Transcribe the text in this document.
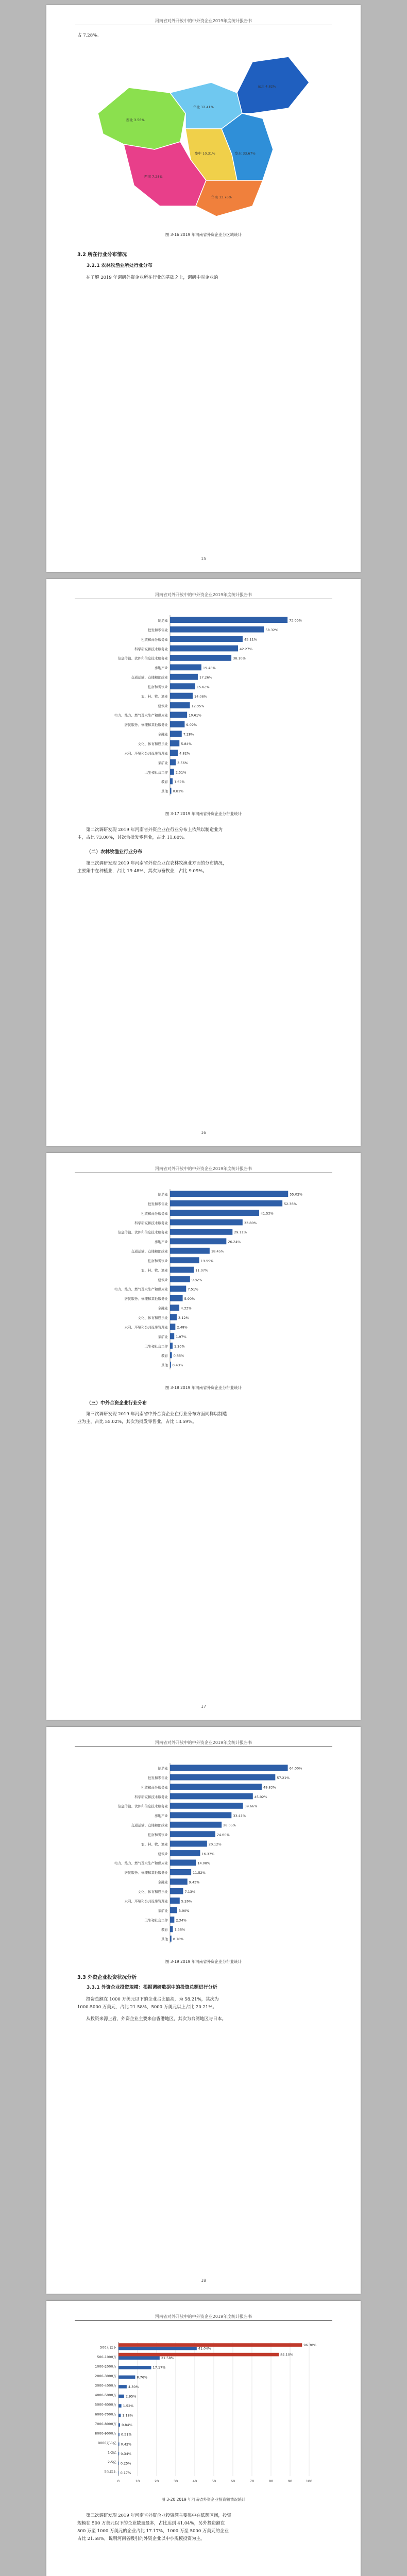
河南省对外开放中的中外资企业2019年度统计报告书

占 7.28%。

西北 3.56%
华北 12.41%
东北 4.82%
华东 33.67%
华中 10.31%
西南 7.28%
华南 13.76%
图 3-16 2019 年河南省外资企业分区域统计
3.2 所在行业分布情况
3.2.1 农林牧渔业所处行业分布

在了解 2019 年调研外资企业所在行业的基础之上，调研中对企业的

15
河南省对外开放中的中外资企业2019年度统计报告书
制造业	73.00%
批发和零售业	58.32%
租赁和商务服务业	45.11%
科学研究和技术服务业	42.27%
信息传输、软件和信息技术服务业	38.10%
房地产业	19.48%
交通运输、仓储和邮政业	17.26%
住宿和餐饮业	15.62%
农、林、牧、渔业	14.08%
建筑业	12.35%
电力、热力、燃气及水生产和供应业	10.61%
居民服务、修理和其他服务业	9.09%
金融业	7.28%
文化、体育和娱乐业	5.84%
水利、环境和公共设施管理业	4.82%
采矿业	3.56%
卫生和社会工作 2.51%
教育 1.62%
其他 0.81%
图 3-17 2019 年河南省外资企业分行业统计

第二次调研发现 2019 年河南省外资企业在行业分布上依然以制造业为

主，占比 73.00%，其次为批发零售业，占比 11.00%。

（二）农林牧渔业行业分布

第三次调研发现 2019 年河南省外资企业在农林牧渔业方面的分布情况，

主要集中在种植业，占比 19.48%，其次为畜牧业，占比 9.09%。

16
河南省对外开放中的中外资企业2019年度统计报告书
制造业	55.02%
批发和零售业	52.36%
租赁和商务服务业	41.53%
科学研究和技术服务业	33.80%
信息传输、软件和信息技术服务业	29.11%
房地产业	26.24%
交通运输、仓储和邮政业	18.45%
住宿和餐饮业	13.59%
农、林、牧、渔业	11.07%
建筑业	9.32%
电力、热力、燃气及水生产和供应业	7.51%
居民服务、修理和其他服务业	5.90%
金融业	4.33%
文化、体育和娱乐业	3.12%
水利、环境和公共设施管理业	2.48%
采矿业 1.97%
卫生和社会工作 1.20%
教育 0.86%
其他 0.43%
图 3-18 2019 年河南省外资企业分行业统计
（三）中外合资企业行业分布

第三次调研发现 2019 年河南省中外合资企业在行业分布方面同样以制造

业为主，占比 55.02%，其次为批发零售业，占比 13.59%。

17
河南省对外开放中的中外资企业2019年度统计报告书
制造业	64.00%
批发和零售业	57.21%
租赁和商务服务业	49.83%
科学研究和技术服务业	45.02%
信息传输、软件和信息技术服务业	39.66%
房地产业	33.41%
交通运输、仓储和邮政业	28.05%
住宿和餐饮业	24.60%
农、林、牧、渔业	20.12%
建筑业	16.37%
电力、热力、燃气及水生产和供应业	14.08%
居民服务、修理和其他服务业	11.52%
金融业	9.45%
文化、体育和娱乐业	7.13%
水利、环境和公共设施管理业	5.26%
采矿业	3.90%
卫生和社会工作 2.34%
教育 1.56%
其他 0.78%
图 3-19 2019 年河南省外资企业分行业统计
3.3 外资企业投资状况分析
3.3.1 外资企业投资规模：根据调研数据中的投资总额进行分析

投资总额在 1000 万美元以下的企业占比最高，为 58.21%，其次为

1000-5000 万美元，占比 21.58%，5000 万美元以上占比 20.21%。

从投资来源上看，外资企业主要来自香港地区，其次为台湾地区与日本。

18
河南省对外开放中的中外资企业2019年度统计报告书
0	10	20	30	40	50	60	70	80	90	100
500万以下
96.30%
41.04%
500-1000万
84.10%
21.58%
1000-2000万	17.17%
2000-3000万	8.76%
3000-4000万	4.30%
4000-5000万	2.95%
5000-6000万 1.52%
6000-7000万 1.18%
7000-8000万 0.84%
8000-9000万 0.51%
9000万-1亿 0.42%
1-2亿 0.34%
2-5亿 0.25%
5亿以上 0.17%
图 3-20 2019 年河南省外资企业投资额情况统计

第三次调研发现 2019 年河南省外资企业投资额主要集中在低额区间，投资

规模在 500 万美元以下的企业数量最多，占比达到 41.04%，另外投资额在

500 万至 1000 万美元的企业占比 17.17%，1000 万至 5000 万美元的企业

占比 21.58%，说明河南省吸引的外资企业以中小规模投资为主。
